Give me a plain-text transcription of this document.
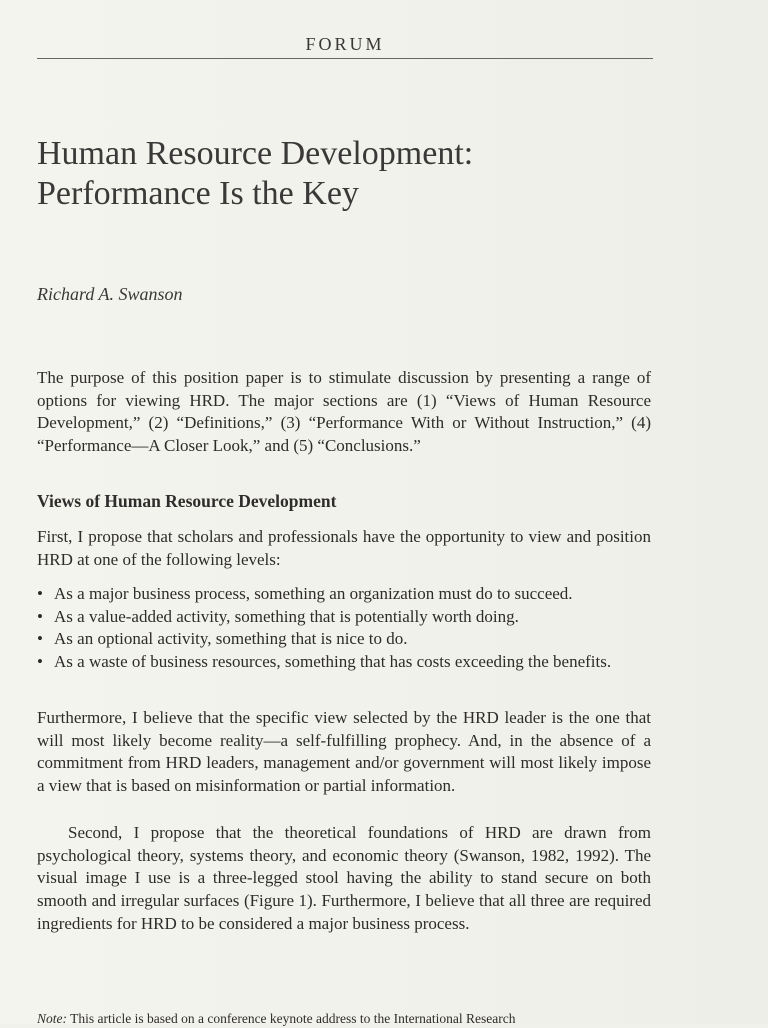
FORUM
Human Resource Development:
Performance Is the Key
Richard A. Swanson

The purpose of this position paper is to stimulate discussion by presenting a range of options for viewing HRD. The major sections are (1) “Views of Human Resource Development,” (2) “Definitions,” (3) “Performance With or Without Instruction,” (4) “Performance—A Closer Look,” and (5) “Conclusions.”

Views of Human Resource Development

First, I propose that scholars and professionals have the opportunity to view and position HRD at one of the following levels:

• As a major business process, something an organization must do to succeed.
• As a value-added activity, something that is potentially worth doing.
• As an optional activity, something that is nice to do.
• As a waste of business resources, something that has costs exceeding the benefits.

Furthermore, I believe that the specific view selected by the HRD leader is the one that will most likely become reality—a self-fulfilling prophecy. And, in the absence of a commitment from HRD leaders, management and/or government will most likely impose a view that is based on misinformation or partial information.

Second, I propose that the theoretical foundations of HRD are drawn from psychological theory, systems theory, and economic theory (Swanson, 1982, 1992). The visual image I use is a three-legged stool having the ability to stand secure on both smooth and irregular surfaces (Figure 1). Furthermore, I believe that all three are required ingredients for HRD to be considered a major business process.

Note: This article is based on a conference keynote address to the International Research
